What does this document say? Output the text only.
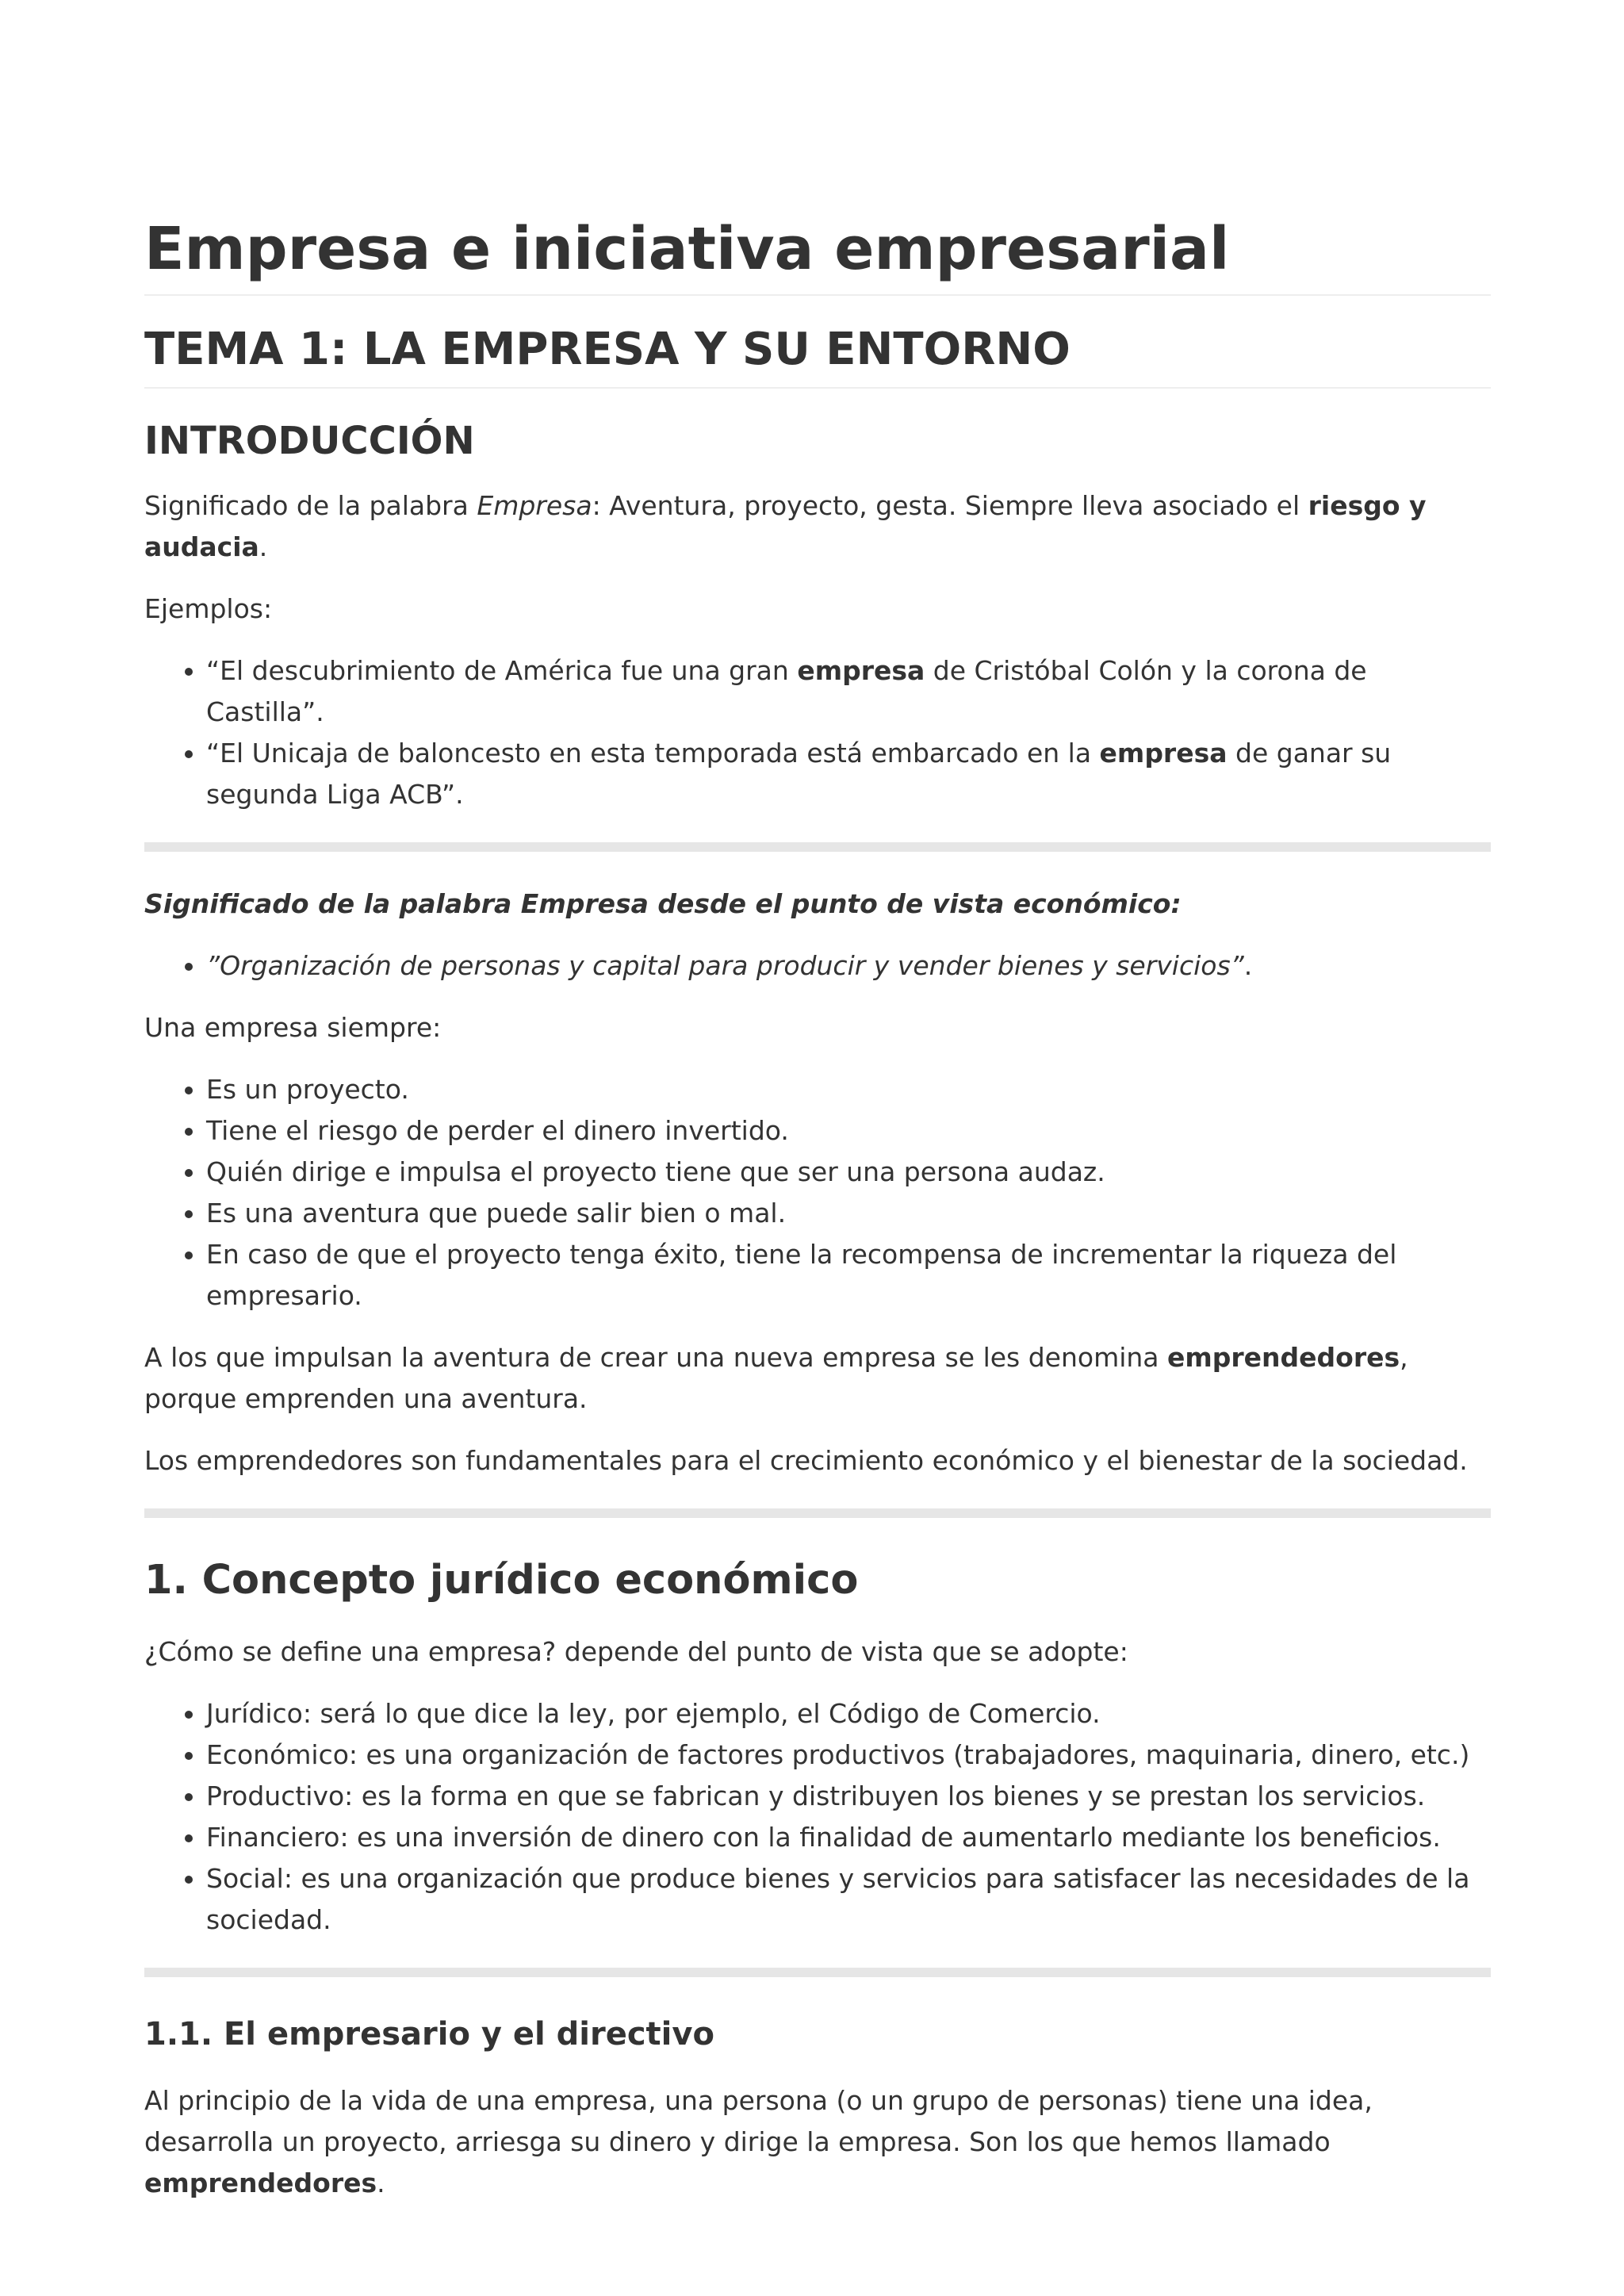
Empresa e iniciativa empresarial
TEMA 1: LA EMPRESA Y SU ENTORNO
INTRODUCCIÓN

Significado de la palabra Empresa: Aventura, proyecto, gesta. Siempre lleva asociado el riesgo y audacia.

Ejemplos:

• “El descubrimiento de América fue una gran empresa de Cristóbal Colón y la corona de Castilla”.
• “El Unicaja de baloncesto en esta temporada está embarcado en la empresa de ganar su segunda Liga ACB”.

Significado de la palabra Empresa desde el punto de vista económico:

• ”Organización de personas y capital para producir y vender bienes y servicios”.

Una empresa siempre:

• Es un proyecto.
• Tiene el riesgo de perder el dinero invertido.
• Quién dirige e impulsa el proyecto tiene que ser una persona audaz.
• Es una aventura que puede salir bien o mal.
• En caso de que el proyecto tenga éxito, tiene la recompensa de incrementar la riqueza del empresario.

A los que impulsan la aventura de crear una nueva empresa se les denomina emprendedores, porque emprenden una aventura.

Los emprendedores son fundamentales para el crecimiento económico y el bienestar de la sociedad.

1. Concepto jurídico económico

¿Cómo se define una empresa? depende del punto de vista que se adopte:

• Jurídico: será lo que dice la ley, por ejemplo, el Código de Comercio.
• Económico: es una organización de factores productivos (trabajadores, maquinaria, dinero, etc.)
• Productivo: es la forma en que se fabrican y distribuyen los bienes y se prestan los servicios.
• Financiero: es una inversión de dinero con la finalidad de aumentarlo mediante los beneficios.
• Social: es una organización que produce bienes y servicios para satisfacer las necesidades de la sociedad.
1.1. El empresario y el directivo

Al principio de la vida de una empresa, una persona (o un grupo de personas) tiene una idea, desarrolla un proyecto, arriesga su dinero y dirige la empresa. Son los que hemos llamado emprendedores.
